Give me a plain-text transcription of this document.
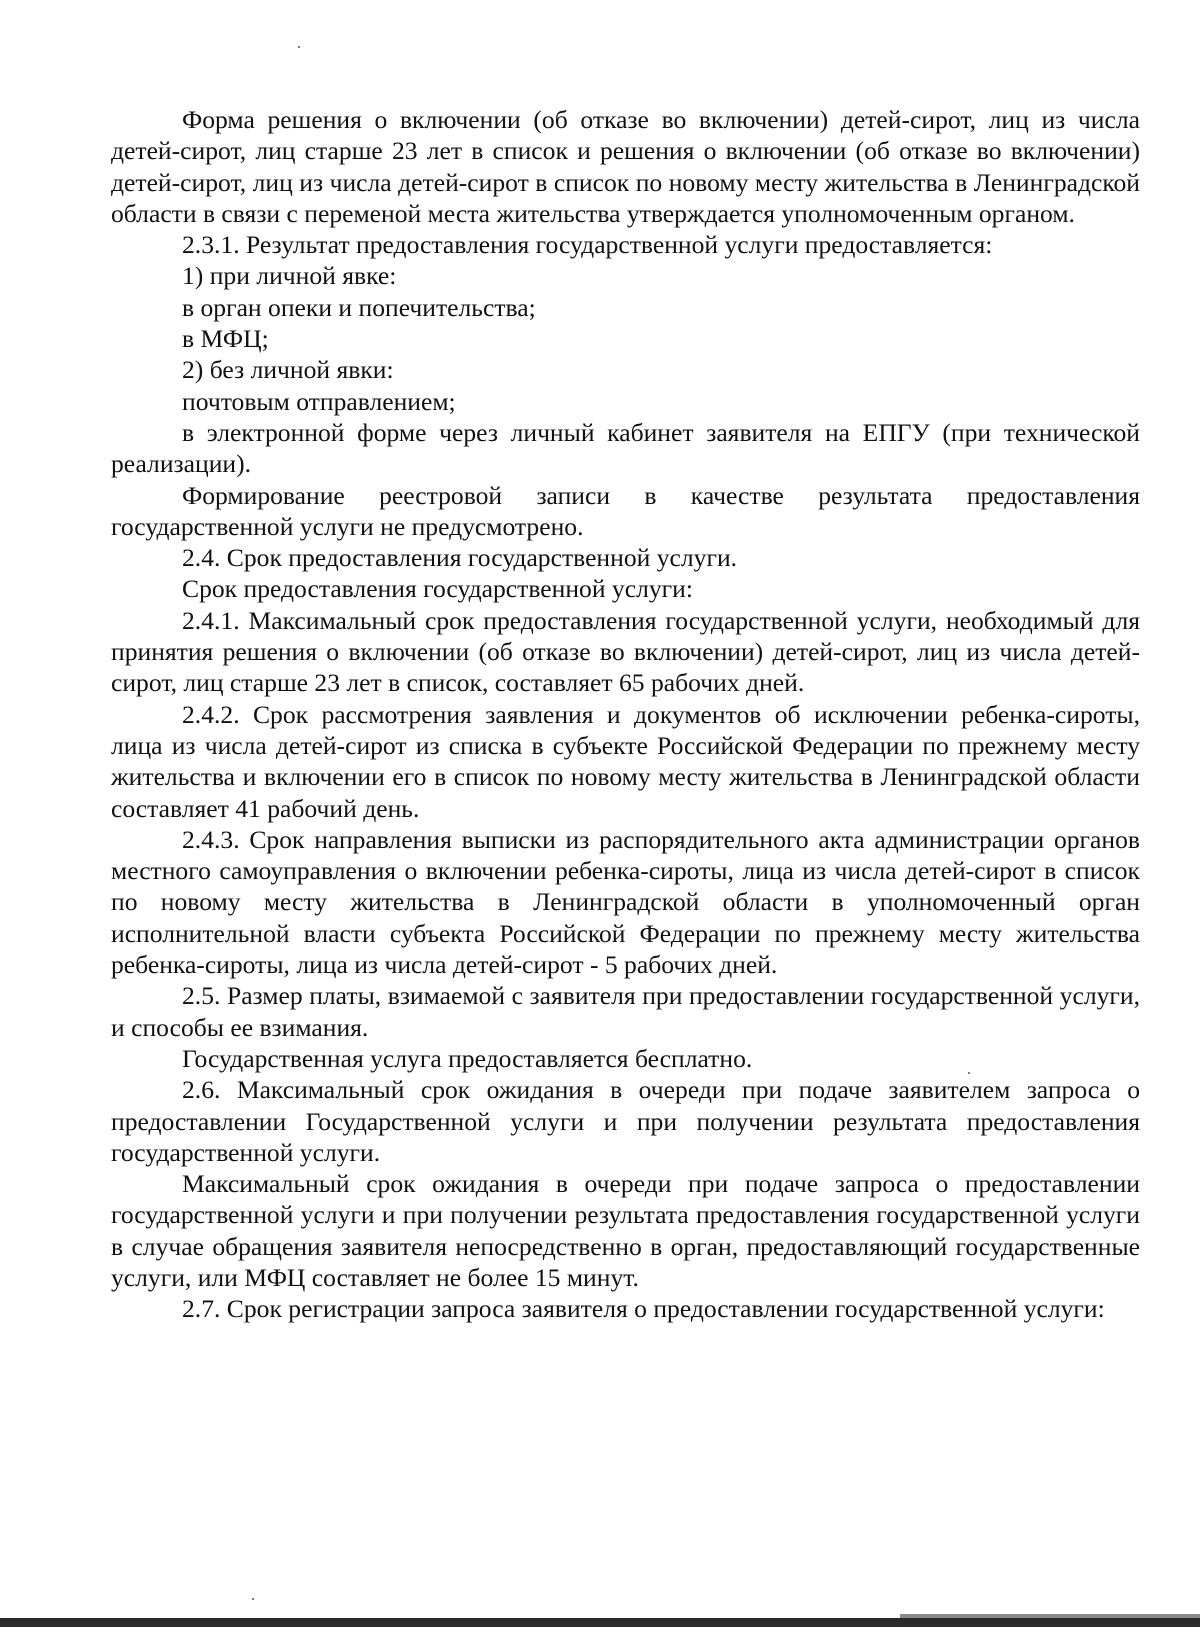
Форма решения о включении (об отказе во включении) детей-сирот, лиц из числа детей-сирот, лиц старше 23 лет в список и решения о включении (об отказе во включении) детей-сирот, лиц из числа детей-сирот в список по новому месту жительства в Ленинградской области в связи с переменой места жительства утверждается уполномоченным органом.

2.3.1. Результат предоставления государственной услуги предоставляется:

1) при личной явке:

в орган опеки и попечительства;

в МФЦ;

2) без личной явки:

почтовым отправлением;

в электронной форме через личный кабинет заявителя на ЕПГУ (при технической реализации).

Формирование реестровой записи в качестве результата предоставления государственной услуги не предусмотрено.

2.4. Срок предоставления государственной услуги.

Срок предоставления государственной услуги:

2.4.1. Максимальный срок предоставления государственной услуги, необходимый для принятия решения о включении (об отказе во включении) детей-сирот, лиц из числа детей-сирот, лиц старше 23 лет в список, составляет 65 рабочих дней.

2.4.2. Срок рассмотрения заявления и документов об исключении ребенка-сироты, лица из числа детей-сирот из списка в субъекте Российской Федерации по прежнему месту жительства и включении его в список по новому месту жительства в Ленинградской области составляет 41 рабочий день.

2.4.3. Срок направления выписки из распорядительного акта администрации органов местного самоуправления о включении ребенка-сироты, лица из числа детей-сирот в список по новому месту жительства в Ленинградской области в уполномоченный орган исполнительной власти субъекта Российской Федерации по прежнему месту жительства ребенка-сироты, лица из числа детей-сирот - 5 рабочих дней.

2.5. Размер платы, взимаемой с заявителя при предоставлении государственной услуги, и способы ее взимания.

Государственная услуга предоставляется бесплатно.

2.6. Максимальный срок ожидания в очереди при подаче заявителем запроса о предоставлении Государственной услуги и при получении результата предоставления государственной услуги.

Максимальный срок ожидания в очереди при подаче запроса о предоставлении государственной услуги и при получении результата предоставления государственной услуги в случае обращения заявителя непосредственно в орган, предоставляющий государственные услуги, или МФЦ составляет не более 15 минут.

2.7. Срок регистрации запроса заявителя о предоставлении государственной услуги:
